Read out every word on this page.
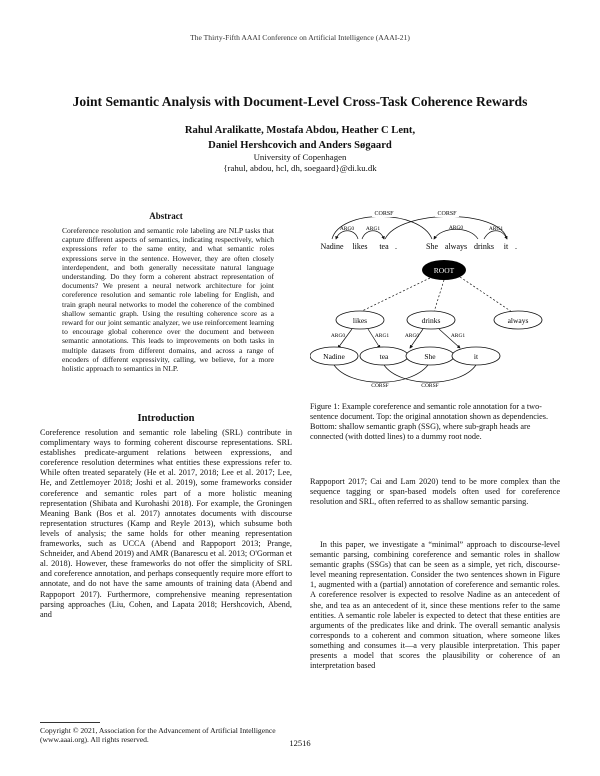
The Thirty-Fifth AAAI Conference on Artificial Intelligence (AAAI-21)
Joint Semantic Analysis with Document-Level Cross-Task Coherence Rewards
Rahul Aralikatte, Mostafa Abdou, Heather C Lent,
Daniel Hershcovich and Anders Søgaard
University of Copenhagen
{rahul, abdou, hcl, dh, soegaard}@di.ku.dk
Abstract
Coreference resolution and semantic role labeling are NLP tasks that capture different aspects of semantics, indicating respectively, which expressions refer to the same entity, and what semantic roles expressions serve in the sentence. However, they are often closely interdependent, and both generally necessitate natural language understanding. Do they form a coherent abstract representation of documents? We present a neural network architecture for joint coreference resolution and semantic role labeling for English, and train graph neural networks to model the coherence of the combined shallow semantic graph. Using the resulting coherence score as a reward for our joint semantic analyzer, we use reinforcement learning to encourage global coherence over the document and between semantic annotations. This leads to improvements on both tasks in multiple datasets from different domains, and across a range of encoders of different expressivity, calling, we believe, for a more holistic approach to semantics in NLP.
Introduction
Coreference resolution and semantic role labeling (SRL) contribute in complimentary ways to forming coherent discourse representations. SRL establishes predicate-argument relations between expressions, and coreference resolution determines what entities these expressions refer to. While often treated separately (He et al. 2017, 2018; Lee et al. 2017; Lee, He, and Zettlemoyer 2018; Joshi et al. 2019), some frameworks consider coreference and semantic roles part of a more holistic meaning representation (Shibata and Kurohashi 2018). For example, the Groningen Meaning Bank (Bos et al. 2017) annotates documents with discourse representation structures (Kamp and Reyle 2013), which subsume both levels of analysis; the same holds for other meaning representation frameworks, such as UCCA (Abend and Rappoport 2013; Prange, Schneider, and Abend 2019) and AMR (Banarescu et al. 2013; O'Gorman et al. 2018). However, these frameworks do not offer the simplicity of SRL and coreference annotation, and perhaps consequently require more effort to annotate, and do not have the same amounts of training data (Abend and Rappoport 2017). Furthermore, comprehensive meaning representation parsing approaches (Liu, Cohen, and Lapata 2018; Hershcovich, Abend, and
Copyright © 2021, Association for the Advancement of Artificial Intelligence (www.aaai.org). All rights reserved.
CORSF	CORSF
ARG0 ARG1	ARG0	ARG1
Nadine likes tea .	She always drinks it .
ROOT
likes	drinks	always
ARG0	ARG1	ARG0	ARG1
Nadine	tea	She	it
CORSF	CORSF
Figure 1: Example coreference and semantic role annotation for a two-sentence document. Top: the original annotation shown as dependencies. Bottom: shallow semantic graph (SSG), where sub-graph heads are connected (with dotted lines) to a dummy root node.
Rappoport 2017; Cai and Lam 2020) tend to be more complex than the sequence tagging or span-based models often used for coreference resolution and SRL, often referred to as shallow semantic parsing.
In this paper, we investigate a “minimal” approach to discourse-level semantic parsing, combining coreference and semantic roles in shallow semantic graphs (SSGs) that can be seen as a simple, yet rich, discourse-level meaning representation. Consider the two sentences shown in Figure 1, augmented with a (partial) annotation of coreference and semantic roles. A coreference resolver is expected to resolve Nadine as an antecedent of she, and tea as an antecedent of it, since these mentions refer to the same entities. A semantic role labeler is expected to detect that these entities are arguments of the predicates like and drink. The overall semantic analysis corresponds to a coherent and common situation, where someone likes something and consumes it—a very plausible interpretation. This paper presents a model that scores the plausibility or coherence of an interpretation based
12516
